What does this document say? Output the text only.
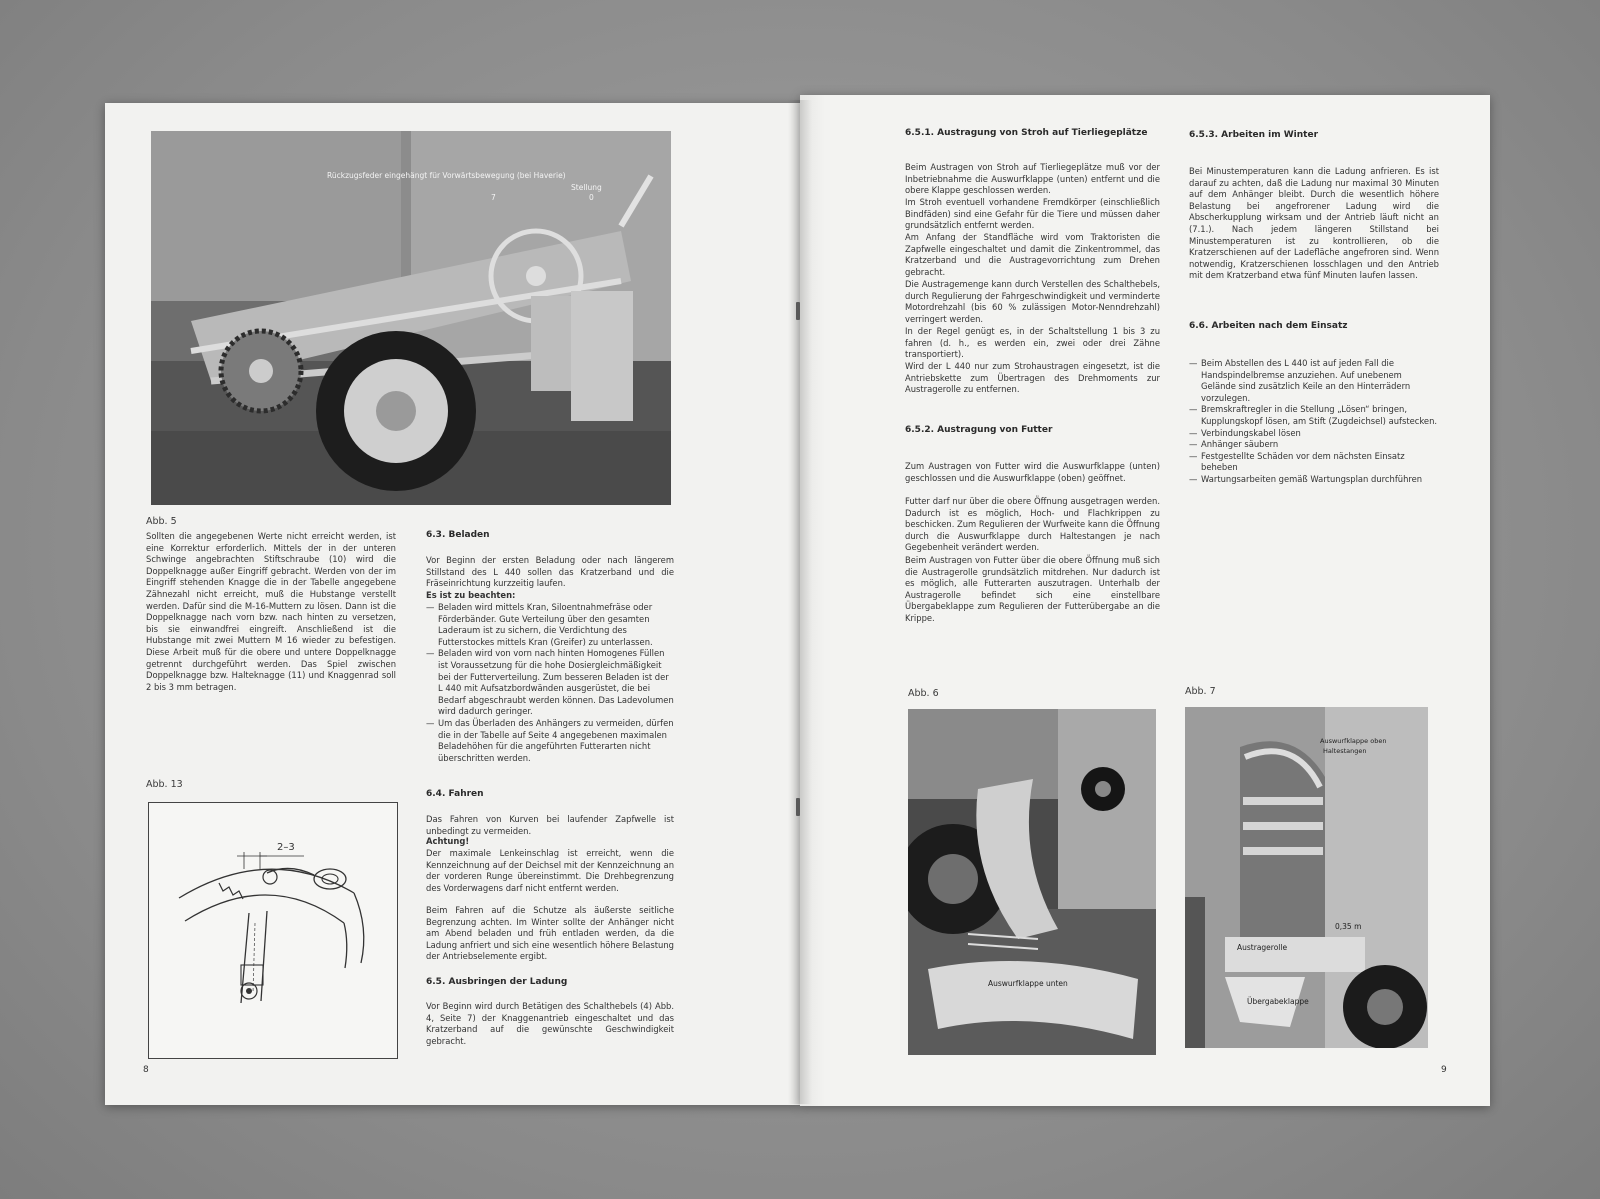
Rückzugsfeder eingehängt für Vorwärtsbewegung (bei Haverie)
Stellung
0
7
Abb. 5
Sollten die angegebenen Werte nicht erreicht werden, ist eine Korrektur erforderlich. Mittels der in der unteren Schwinge angebrachten Stiftschraube (10) wird die Doppelknagge außer Eingriff gebracht. Werden von der im Eingriff stehenden Knagge die in der Tabelle angegebene Zähnezahl nicht erreicht, muß die Hubstange verstellt werden. Dafür sind die M-16-Muttern zu lösen. Dann ist die Doppelknagge nach vorn bzw. nach hinten zu versetzen, bis sie einwandfrei eingreift. Anschließend ist die Hubstange mit zwei Muttern M 16 wieder zu befestigen. Diese Arbeit muß für die obere und untere Doppelknagge getrennt durchgeführt werden. Das Spiel zwischen Doppelknagge bzw. Halteknagge (11) und Knaggenrad soll 2 bis 3 mm betragen.
Abb. 13
2–3
6.3. Beladen
Vor Beginn der ersten Beladung oder nach längerem Stillstand des L 440 sollen das Kratzerband und die Fräseinrichtung kurzzeitig laufen.
Es ist zu beachten:
— Beladen wird mittels Kran, Siloentnahmefräse oder Förderbänder. Gute Verteilung über den gesamten Laderaum ist zu sichern, die Verdichtung des Futterstockes mittels Kran (Greifer) zu unterlassen.
— Beladen wird von vorn nach hinten Homogenes Füllen ist Voraussetzung für die hohe Dosiergleichmäßigkeit bei der Futterverteilung. Zum besseren Beladen ist der L 440 mit Aufsatzbordwänden ausgerüstet, die bei Bedarf abgeschraubt werden können. Das Ladevolumen wird dadurch geringer.
— Um das Überladen des Anhängers zu vermeiden, dürfen die in der Tabelle auf Seite 4 angegebenen maximalen Beladehöhen für die angeführten Futterarten nicht überschritten werden.
6.4. Fahren
Das Fahren von Kurven bei laufender Zapfwelle ist unbedingt zu vermeiden.
Achtung!
Der maximale Lenkeinschlag ist erreicht, wenn die Kennzeichnung auf der Deichsel mit der Kennzeichnung an der vorderen Runge übereinstimmt. Die Drehbegrenzung des Vorderwagens darf nicht entfernt werden.
Beim Fahren auf die Schutze als äußerste seitliche Begrenzung achten. Im Winter sollte der Anhänger nicht am Abend beladen und früh entladen werden, da die Ladung anfriert und sich eine wesentlich höhere Belastung der Antriebselemente ergibt.
6.5. Ausbringen der Ladung
Vor Beginn wird durch Betätigen des Schalthebels (4) Abb. 4, Seite 7) der Knaggenantrieb eingeschaltet und das Kratzerband auf die gewünschte Geschwindigkeit gebracht.
8
6.5.1. Austragung von Stroh auf Tierliegeplätze
Beim Austragen von Stroh auf Tierliegeplätze muß vor der Inbetriebnahme die Auswurfklappe (unten) entfernt und die obere Klappe geschlossen werden.
Im Stroh eventuell vorhandene Fremdkörper (einschließlich Bindfäden) sind eine Gefahr für die Tiere und müssen daher grundsätzlich entfernt werden.
Am Anfang der Standfläche wird vom Traktoristen die Zapfwelle eingeschaltet und damit die Zinkentrommel, das Kratzerband und die Austragevorrichtung zum Drehen gebracht.
Die Austragemenge kann durch Verstellen des Schalthebels, durch Regulierung der Fahrgeschwindigkeit und verminderte Motordrehzahl (bis 60 % zulässigen Motor-Nenndrehzahl) verringert werden.
In der Regel genügt es, in der Schaltstellung 1 bis 3 zu fahren (d. h., es werden ein, zwei oder drei Zähne transportiert).
Wird der L 440 nur zum Strohaustragen eingesetzt, ist die Antriebskette zum Übertragen des Drehmoments zur Austragerolle zu entfernen.
6.5.2. Austragung von Futter
Zum Austragen von Futter wird die Auswurfklappe (unten) geschlossen und die Auswurfklappe (oben) geöffnet.
Futter darf nur über die obere Öffnung ausgetragen werden. Dadurch ist es möglich, Hoch- und Flachkrippen zu beschicken. Zum Regulieren der Wurfweite kann die Öffnung durch die Auswurfklappe durch Haltestangen je nach Gegebenheit verändert werden.
Beim Austragen von Futter über die obere Öffnung muß sich die Austragerolle grundsätzlich mitdrehen. Nur dadurch ist es möglich, alle Futterarten auszutragen. Unterhalb der Austragerolle befindet sich eine einstellbare Übergabeklappe zum Regulieren der Futterübergabe an die Krippe.
6.5.3. Arbeiten im Winter
Bei Minustemperaturen kann die Ladung anfrieren. Es ist darauf zu achten, daß die Ladung nur maximal 30 Minuten auf dem Anhänger bleibt. Durch die wesentlich höhere Belastung bei angefrorener Ladung wird die Abscherkupplung wirksam und der Antrieb läuft nicht an (7.1.). Nach jedem längeren Stillstand bei Minustemperaturen ist zu kontrollieren, ob die Kratzerschienen auf der Ladefläche angefroren sind. Wenn notwendig, Kratzerschienen losschlagen und den Antrieb mit dem Kratzerband etwa fünf Minuten laufen lassen.
6.6. Arbeiten nach dem Einsatz
— Beim Abstellen des L 440 ist auf jeden Fall die Handspindelbremse anzuziehen. Auf unebenem Gelände sind zusätzlich Keile an den Hinterrädern vorzulegen.
— Bremskraftregler in die Stellung „Lösen“ bringen, Kupplungskopf lösen, am Stift (Zugdeichsel) aufstecken.
— Verbindungskabel lösen
— Anhänger säubern
— Festgestellte Schäden vor dem nächsten Einsatz beheben
— Wartungsarbeiten gemäß Wartungsplan durchführen
Abb. 6
Auswurfklappe unten
Abb. 7
Auswurfklappe oben
Haltestangen
Austragerolle
Übergabeklappe
0,35 m
9
